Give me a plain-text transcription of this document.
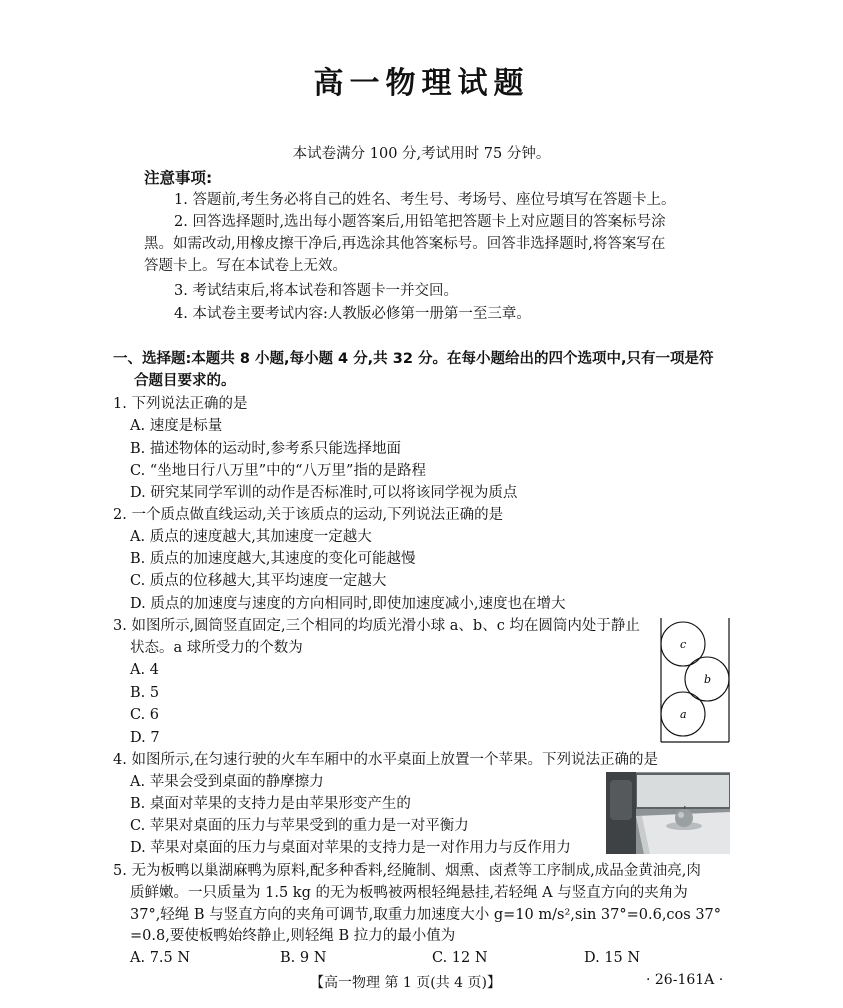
高一物理试题
本试卷满分 100 分,考试用时 75 分钟。
注意事项:
1. 答题前,考生务必将自己的姓名、考生号、考场号、座位号填写在答题卡上。
2. 回答选择题时,选出每小题答案后,用铅笔把答题卡上对应题目的答案标号涂
黑。如需改动,用橡皮擦干净后,再选涂其他答案标号。回答非选择题时,将答案写在
答题卡上。写在本试卷上无效。
3. 考试结束后,将本试卷和答题卡一并交回。
4. 本试卷主要考试内容:人教版必修第一册第一至三章。
一、选择题:本题共 8 小题,每小题 4 分,共 32 分。在每小题给出的四个选项中,只有一项是符
合题目要求的。
1. 下列说法正确的是
A. 速度是标量
B. 描述物体的运动时,参考系只能选择地面
C. “坐地日行八万里”中的“八万里”指的是路程
D. 研究某同学军训的动作是否标准时,可以将该同学视为质点
2. 一个质点做直线运动,关于该质点的运动,下列说法正确的是
A. 质点的速度越大,其加速度一定越大
B. 质点的加速度越大,其速度的变化可能越慢
C. 质点的位移越大,其平均速度一定越大
D. 质点的加速度与速度的方向相同时,即使加速度减小,速度也在增大
3. 如图所示,圆筒竖直固定,三个相同的均质光滑小球 a、b、c 均在圆筒内处于静止
状态。a 球所受力的个数为
A. 4
B. 5
C. 6
D. 7
c
b
a
4. 如图所示,在匀速行驶的火车车厢中的水平桌面上放置一个苹果。下列说法正确的是
A. 苹果会受到桌面的静摩擦力
B. 桌面对苹果的支持力是由苹果形变产生的
C. 苹果对桌面的压力与苹果受到的重力是一对平衡力
D. 苹果对桌面的压力与桌面对苹果的支持力是一对作用力与反作用力
5. 无为板鸭以巢湖麻鸭为原料,配多种香料,经腌制、烟熏、卤煮等工序制成,成品金黄油亮,肉
质鲜嫩。一只质量为 1.5 kg 的无为板鸭被两根轻绳悬挂,若轻绳 A 与竖直方向的夹角为
37°,轻绳 B 与竖直方向的夹角可调节,取重力加速度大小 g=10 m/s²,sin 37°=0.6,cos 37°
=0.8,要使板鸭始终静止,则轻绳 B 拉力的最小值为
A. 7.5 N	B. 9 N	C. 12 N	D. 15 N
【高一物理 第 1 页(共 4 页)】	· 26-161A ·
